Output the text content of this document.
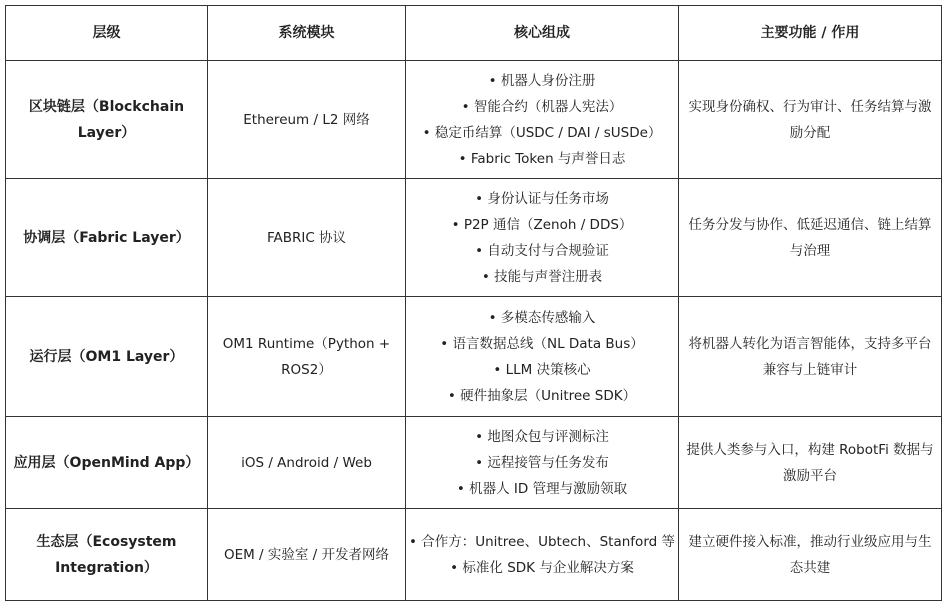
层级	系统模块	核心组成	主要功能 / 作用
区块链层（Blockchain Layer）	Ethereum / L2 网络	• 机器人身份注册
• 智能合约（机器人宪法）
• 稳定币结算（USDC / DAI / sUSDe）
• Fabric Token 与声誉日志	实现身份确权、行为审计、任务结算与激励分配
协调层（Fabric Layer）	FABRIC 协议	• 身份认证与任务市场
• P2P 通信（Zenoh / DDS）
• 自动支付与合规验证
• 技能与声誉注册表	任务分发与协作、低延迟通信、链上结算与治理
运行层（OM1 Layer）	OM1 Runtime（Python + ROS2）	• 多模态传感输入
• 语言数据总线（NL Data Bus）
• LLM 决策核心
• 硬件抽象层（Unitree SDK）	将机器人转化为语言智能体，支持多平台兼容与上链审计
应用层（OpenMind App）	iOS / Android / Web	• 地图众包与评测标注
• 远程接管与任务发布
• 机器人 ID 管理与激励领取	提供人类参与入口，构建 RobotFi 数据与激励平台
生态层（Ecosystem Integration）	OEM / 实验室 / 开发者网络	• 合作方：Unitree、Ubtech、Stanford 等
• 标准化 SDK 与企业解决方案	建立硬件接入标准，推动行业级应用与生态共建
